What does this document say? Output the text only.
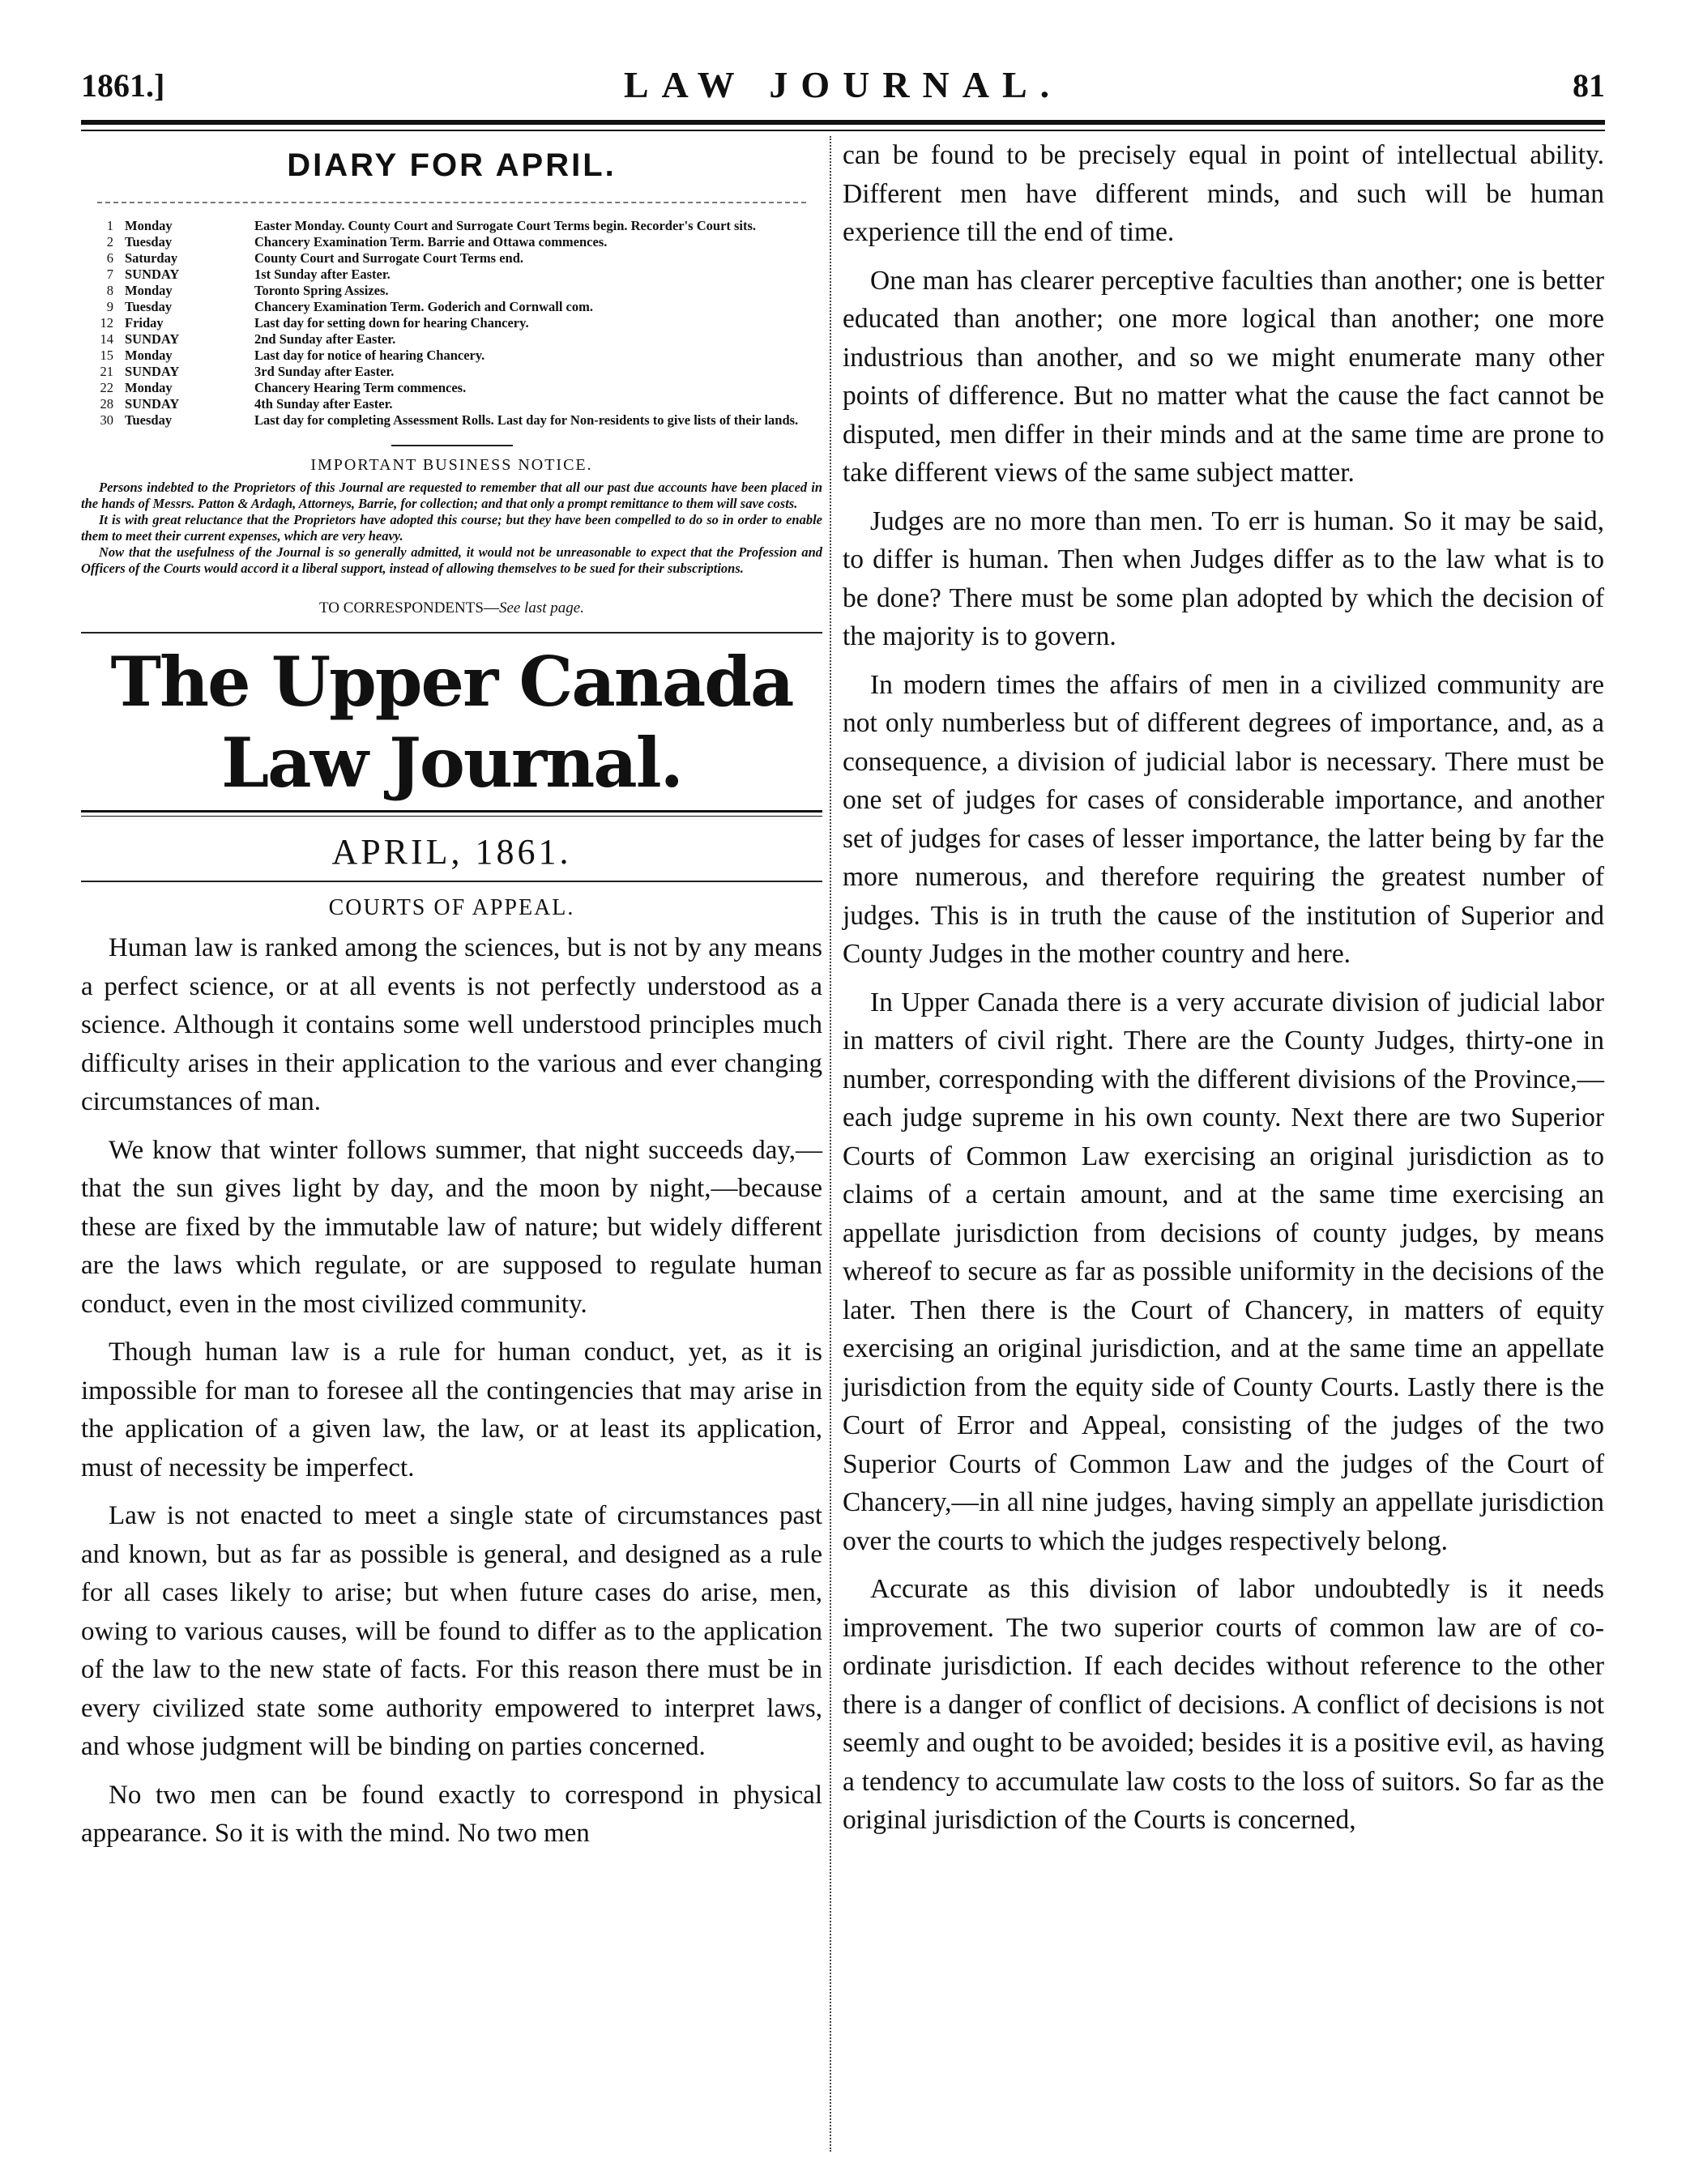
1861.]	LAW JOURNAL.	81
DIARY FOR APRIL.
1 Monday	Easter Monday. County Court and Surrogate Court Terms begin. Recorder's Court sits.
2 Tuesday	Chancery Examination Term. Barrie and Ottawa commences.
6 Saturday	County Court and Surrogate Court Terms end.
7 SUNDAY	1st Sunday after Easter.
8 Monday	Toronto Spring Assizes.
9 Tuesday	Chancery Examination Term. Goderich and Cornwall com.
12 Friday	Last day for setting down for hearing Chancery.
14 SUNDAY	2nd Sunday after Easter.
15 Monday	Last day for notice of hearing Chancery.
21 SUNDAY	3rd Sunday after Easter.
22 Monday	Chancery Hearing Term commences.
28 SUNDAY	4th Sunday after Easter.
30 Tuesday	Last day for completing Assessment Rolls. Last day for Non-residents to give lists of their lands.
IMPORTANT BUSINESS NOTICE.

Persons indebted to the Proprietors of this Journal are requested to remember that all our past due accounts have been placed in the hands of Messrs. Patton & Ardagh, Attorneys, Barrie, for collection; and that only a prompt remittance to them will save costs.

It is with great reluctance that the Proprietors have adopted this course; but they have been compelled to do so in order to enable them to meet their current expenses, which are very heavy.

Now that the usefulness of the Journal is so generally admitted, it would not be unreasonable to expect that the Profession and Officers of the Courts would accord it a liberal support, instead of allowing themselves to be sued for their subscriptions.

TO CORRESPONDENTS—See last page.
The Upper Canada Law Journal.
APRIL, 1861.
COURTS OF APPEAL.

Human law is ranked among the sciences, but is not by any means a perfect science, or at all events is not perfectly understood as a science. Although it contains some well understood principles much difficulty arises in their application to the various and ever changing circumstances of man.

We know that winter follows summer, that night succeeds day,—that the sun gives light by day, and the moon by night,—because these are fixed by the immutable law of nature; but widely different are the laws which regulate, or are supposed to regulate human conduct, even in the most civilized community.

Though human law is a rule for human conduct, yet, as it is impossible for man to foresee all the contingencies that may arise in the application of a given law, the law, or at least its application, must of necessity be imperfect.

Law is not enacted to meet a single state of circumstances past and known, but as far as possible is general, and designed as a rule for all cases likely to arise; but when future cases do arise, men, owing to various causes, will be found to differ as to the application of the law to the new state of facts. For this reason there must be in every civilized state some authority empowered to interpret laws, and whose judgment will be binding on parties concerned.

No two men can be found exactly to correspond in physical appearance. So it is with the mind. No two men

can be found to be precisely equal in point of intellectual ability. Different men have different minds, and such will be human experience till the end of time.

One man has clearer perceptive faculties than another; one is better educated than another; one more logical than another; one more industrious than another, and so we might enumerate many other points of difference. But no matter what the cause the fact cannot be disputed, men differ in their minds and at the same time are prone to take different views of the same subject matter.

Judges are no more than men. To err is human. So it may be said, to differ is human. Then when Judges differ as to the law what is to be done? There must be some plan adopted by which the decision of the majority is to govern.

In modern times the affairs of men in a civilized community are not only numberless but of different degrees of importance, and, as a consequence, a division of judicial labor is necessary. There must be one set of judges for cases of considerable importance, and another set of judges for cases of lesser importance, the latter being by far the more numerous, and therefore requiring the greatest number of judges. This is in truth the cause of the institution of Superior and County Judges in the mother country and here.

In Upper Canada there is a very accurate division of judicial labor in matters of civil right. There are the County Judges, thirty-one in number, corresponding with the different divisions of the Province,—each judge supreme in his own county. Next there are two Superior Courts of Common Law exercising an original jurisdiction as to claims of a certain amount, and at the same time exercising an appellate jurisdiction from decisions of county judges, by means whereof to secure as far as possible uniformity in the decisions of the later. Then there is the Court of Chancery, in matters of equity exercising an original jurisdiction, and at the same time an appellate jurisdiction from the equity side of County Courts. Lastly there is the Court of Error and Appeal, consisting of the judges of the two Superior Courts of Common Law and the judges of the Court of Chancery,—in all nine judges, having simply an appellate jurisdiction over the courts to which the judges respectively belong.

Accurate as this division of labor undoubtedly is it needs improvement. The two superior courts of common law are of co-ordinate jurisdiction. If each decides without reference to the other there is a danger of conflict of decisions. A conflict of decisions is not seemly and ought to be avoided; besides it is a positive evil, as having a tendency to accumulate law costs to the loss of suitors. So far as the original jurisdiction of the Courts is concerned,
